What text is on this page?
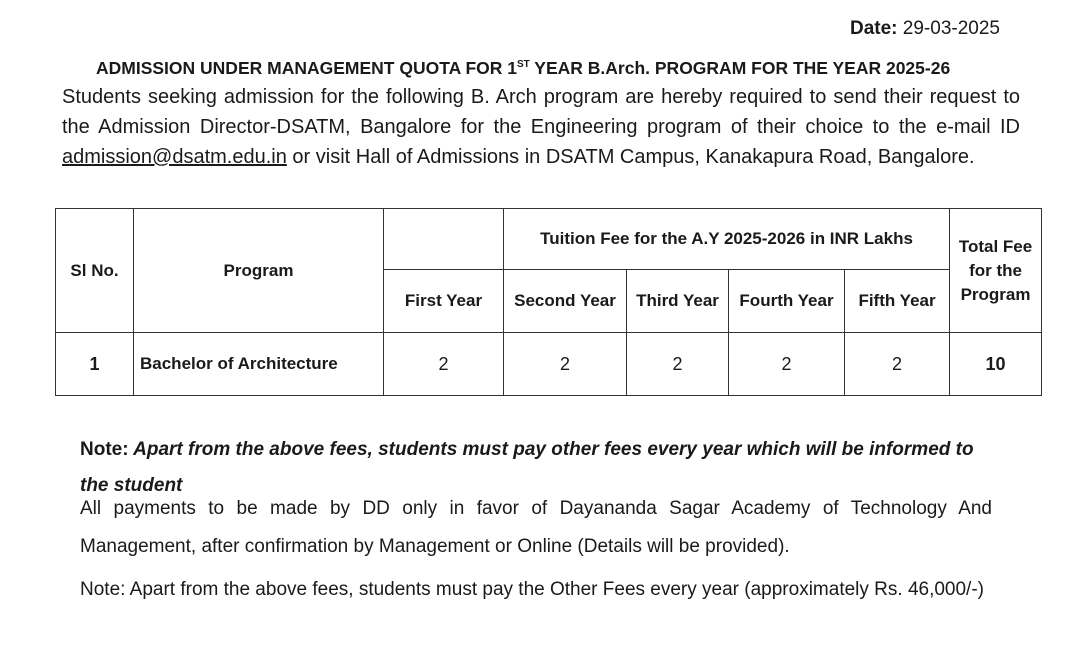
Date: 29-03-2025
ADMISSION UNDER MANAGEMENT QUOTA FOR 1ST YEAR B.Arch. PROGRAM FOR THE YEAR 2025-26
Students seeking admission for the following B. Arch program are hereby required to send their request to the Admission Director-DSATM, Bangalore for the Engineering program of their choice to the e-mail ID admission@dsatm.edu.in or visit Hall of Admissions in DSATM Campus, Kanakapura Road, Bangalore.
Sl No.	Program		Tuition Fee for the A.Y 2025-2026 in INR Lakhs				Total Fee for the Program
		First Year	Second Year	Third Year	Fourth Year	Fifth Year	
1	Bachelor of Architecture	2	2	2	2	2	10
Note: Apart from the above fees, students must pay other fees every year which will be informed to the student
All payments to be made by DD only in favor of Dayananda Sagar Academy of Technology And Management, after confirmation by Management or Online (Details will be provided).
Note: Apart from the above fees, students must pay the Other Fees every year (approximately Rs. 46,000/-)
